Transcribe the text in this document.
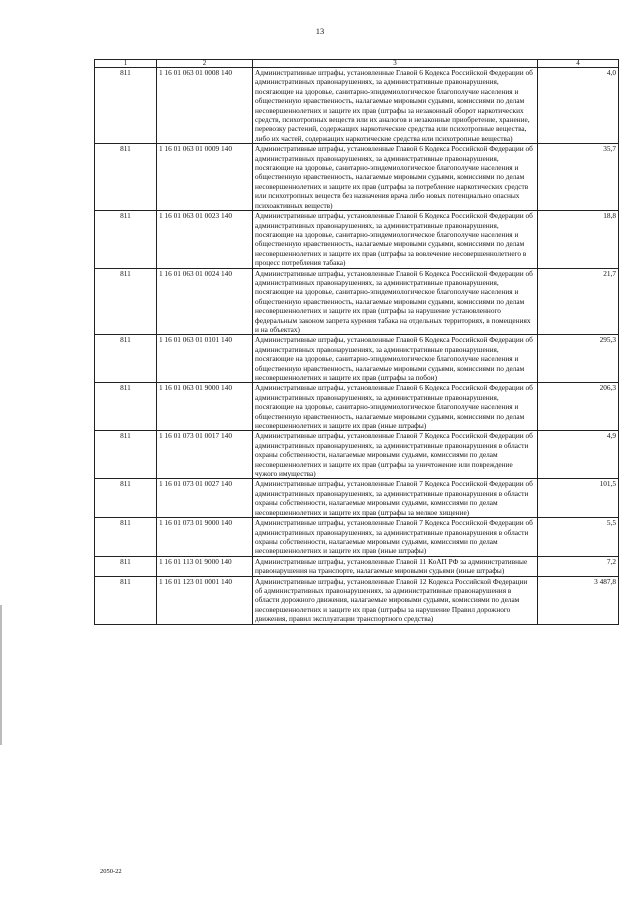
13
1	2	3	4
811	1 16 01 063 01 0008 140	Административные штрафы, установленные Главой 6 Кодекса Российской Федерации об административных правонарушениях, за административные правонарушения, посягающие на здоровье, санитарно-эпидемиологическое благополучие населения и общественную нравственность, налагаемые мировыми судьями, комиссиями по делам несовершеннолетних и защите их прав (штрафы за незаконный оборот наркотических средств, психотропных веществ или их аналогов и незаконные приобретение, хранение, перевозку растений, содержащих наркотические средства или психотропные вещества, либо их частей, содержащих наркотические средства или психотропные вещества)	4,0
811	1 16 01 063 01 0009 140	Административные штрафы, установленные Главой 6 Кодекса Российской Федерации об административных правонарушениях, за административные правонарушения, посягающие на здоровье, санитарно-эпидемиологическое благополучие населения и общественную нравственность, налагаемые мировыми судьями, комиссиями по делам несовершеннолетних и защите их прав (штрафы за потребление наркотических средств или психотропных веществ без назначения врача либо новых потенциально опасных психоактивных веществ)	35,7
811	1 16 01 063 01 0023 140	Административные штрафы, установленные Главой 6 Кодекса Российской Федерации об административных правонарушениях, за административные правонарушения, посягающие на здоровье, санитарно-эпидемиологическое благополучие населения и общественную нравственность, налагаемые мировыми судьями, комиссиями по делам несовершеннолетних и защите их прав (штрафы за вовлечение несовершеннолетнего в процесс потребления табака)	18,8
811	1 16 01 063 01 0024 140	Административные штрафы, установленные Главой 6 Кодекса Российской Федерации об административных правонарушениях, за административные правонарушения, посягающие на здоровье, санитарно-эпидемиологическое благополучие населения и общественную нравственность, налагаемые мировыми судьями, комиссиями по делам несовершеннолетних и защите их прав (штрафы за нарушение установленного федеральным законом запрета курения табака на отдельных территориях, в помещениях и на объектах)	21,7
811	1 16 01 063 01 0101 140	Административные штрафы, установленные Главой 6 Кодекса Российской Федерации об административных правонарушениях, за административные правонарушения, посягающие на здоровье, санитарно-эпидемиологическое благополучие населения и общественную нравственность, налагаемые мировыми судьями, комиссиями по делам несовершеннолетних и защите их прав (штрафы за побои)	295,3
811	1 16 01 063 01 9000 140	Административные штрафы, установленные Главой 6 Кодекса Российской Федерации об административных правонарушениях, за административные правонарушения, посягающие на здоровье, санитарно-эпидемиологическое благополучие населения и общественную нравственность, налагаемые мировыми судьями, комиссиями по делам несовершеннолетних и защите их прав (иные штрафы)	206,3
811	1 16 01 073 01 0017 140	Административные штрафы, установленные Главой 7 Кодекса Российской Федерации об административных правонарушениях, за административные правонарушения в области охраны собственности, налагаемые мировыми судьями, комиссиями по делам несовершеннолетних и защите их прав (штрафы за уничтожение или повреждение чужого имущества)	4,9
811	1 16 01 073 01 0027 140	Административные штрафы, установленные Главой 7 Кодекса Российской Федерации об административных правонарушениях, за административные правонарушения в области охраны собственности, налагаемые мировыми судьями, комиссиями по делам несовершеннолетних и защите их прав (штрафы за мелкое хищение)	101,5
811	1 16 01 073 01 9000 140	Административные штрафы, установленные Главой 7 Кодекса Российской Федерации об административных правонарушениях, за административные правонарушения в области охраны собственности, налагаемые мировыми судьями, комиссиями по делам несовершеннолетних и защите их прав (иные штрафы)	5,5
811	1 16 01 113 01 9000 140	Административные штрафы, установленные Главой 11 КоАП РФ за административные правонарушения на транспорте, налагаемые мировыми судьями (иные штрафы)	7,2
811	1 16 01 123 01 0001 140	Административные штрафы, установленные Главой 12 Кодекса Российской Федерации об административных правонарушениях, за административные правонарушения в области дорожного движения, налагаемые мировыми судьями, комиссиями по делам несовершеннолетних и защите их прав (штрафы за нарушение Правил дорожного движения, правил эксплуатации транспортного средства)	3 487,8
2050-22
